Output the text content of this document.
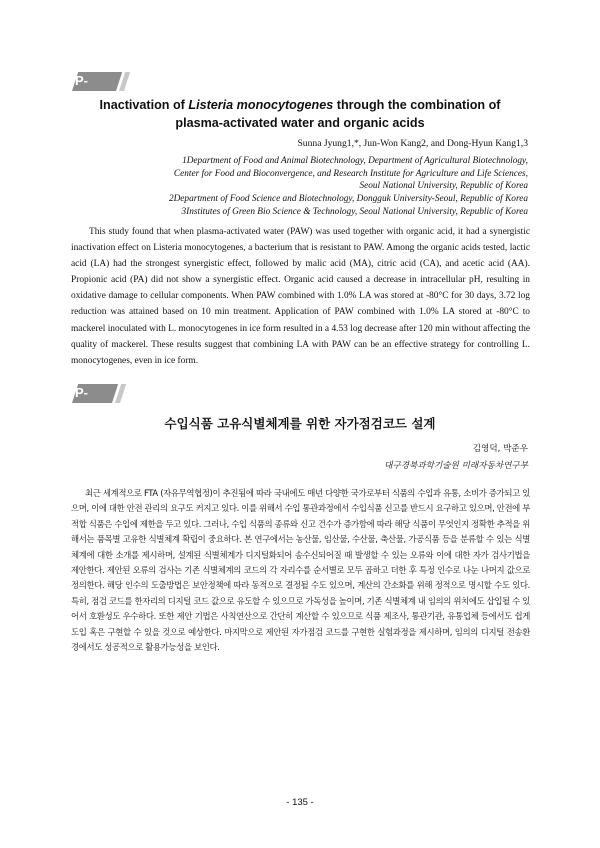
P-65
Inactivation of Listeria monocytogenes through the combination of
plasma-activated water and organic acids
Sunna Jyung1,*, Jun-Won Kang2, and Dong-Hyun Kang1,3
1Department of Food and Animal Biotechnology, Department of Agricultural Biotechnology,
Center for Food and Bioconvergence, and Research Institute for Agriculture and Life Sciences,
Seoul National University, Republic of Korea
2Department of Food Science and Biotechnology, Dongguk University-Seoul, Republic of Korea
3Institutes of Green Bio Science & Technology, Seoul National University, Republic of Korea

This study found that when plasma-activated water (PAW) was used together with organic acid, it had a synergistic inactivation effect on Listeria monocytogenes, a bacterium that is resistant to PAW. Among the organic acids tested, lactic acid (LA) had the strongest synergistic effect, followed by malic acid (MA), citric acid (CA), and acetic acid (AA). Propionic acid (PA) did not show a synergistic effect. Organic acid caused a decrease in intracellular pH, resulting in oxidative damage to cellular components. When PAW combined with 1.0% LA was stored at -80°C for 30 days, 3.72 log reduction was attained based on 10 min treatment. Application of PAW combined with 1.0% LA stored at -80°C to mackerel inoculated with L. monocytogenes in ice form resulted in a 4.53 log decrease after 120 min without affecting the quality of mackerel. These results suggest that combining LA with PAW can be an effective strategy for controlling L. monocytogenes, even in ice form.

P-66
수입식품 고유식별체계를 위한 자가점검코드 설계
김영덕, 박준우
대구경북과학기술원 미래자동차연구부

최근 세계적으로 FTA (자유무역협정)이 추진됨에 따라 국내에도 매년 다양한 국가로부터 식품의 수입과 유통, 소비가 증가되고 있으며, 이에 대한 안전 관리의 요구도 커지고 있다. 이를 위해서 수입 통관과정에서 수입식품 신고를 반드시 요구하고 있으며, 안전에 부적합 식품은 수입에 제한을 두고 있다. 그러나, 수입 식품의 종류와 신고 건수가 증가함에 따라 해당 식품이 무엇인지 정확한 추적을 위해서는 품목별 고유한 식별체계 확립이 중요하다. 본 연구에서는 농산물, 임산물, 수산물, 축산물, 가공식품 등을 분류할 수 있는 식별체계에 대한 소개를 제시하며, 설계된 식별체계가 디지털화되어 송수신되어질 때 발생할 수 있는 오류와 이에 대한 자가 검사기법을 제안한다. 제안된 오류의 검사는 기존 식별체계의 코드의 각 자리수를 순서별로 모두 곱하고 더한 후 특정 인수로 나눈 나머지 값으로 정의한다. 해당 인수의 도출방법은 보안정책에 따라 동적으로 결정될 수도 있으며, 계산의 간소화를 위해 정적으로 명시할 수도 있다. 특히, 점검 코드를 한자리의 디지털 코드 값으로 유도할 수 있으므로 가독성을 높이며, 기존 식별체계 내 임의의 위치에도 삽입될 수 있어서 호환성도 우수하다. 또한 제안 기법은 사칙연산으로 간단히 계산할 수 있으므로 식품 제조사, 통관기관, 유통업체 등에서도 쉽게 도입 혹은 구현할 수 있을 것으로 예상한다. 마지막으로 제안된 자가점검 코드를 구현한 실험과정을 제시하며, 임의의 디지털 전송환경에서도 성공적으로 활용가능성을 보인다.

- 135 -
